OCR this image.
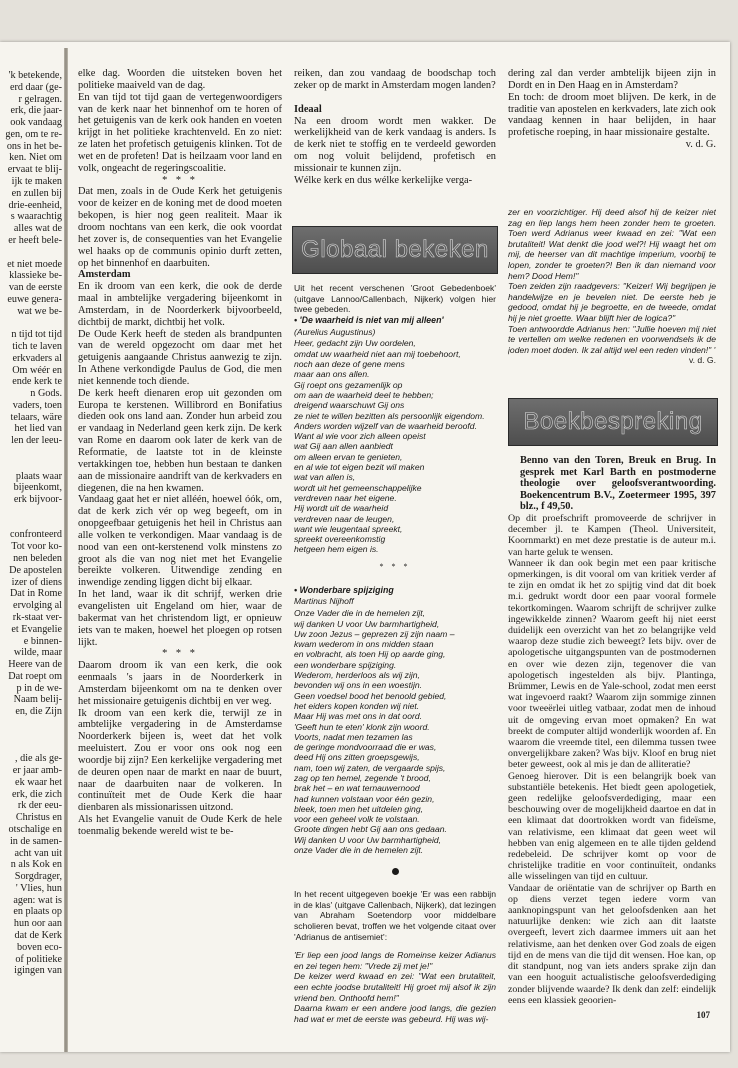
'k betekende,
erd daar (ge-
r gelragen.
erk, die jaar-
ook vandaag
gen, om te re-
ons in het be-
ken. Niet om
ervaat te blij-
ijk te maken
en zullen bij
drie-eenheid,
s waarachtig
alles wat de
er heeft bele-

et niet moede
klassieke be-
van de eerste
euwe genera-
wat we be-

n tijd tot tijd
tich te laven
erkvaders al
Om wéér en
ende kerk te
n Gods.
vaders, toen
telaars, wäre
het lied van
len der leeu-

plaats waar
bijeenkomt,
erk bijvoor-

confronteerd
Tot voor ko-
nen beleden
De apostelen
izer of diens
Dat in Rome
ervolging al
rk-staat ver-
et Evangelie
e binnen-
wilde, maar
Heere van de
Dat roept om
p in de we-
Naam belij-
en, die Zijn

, die als ge-
er jaar amb-
ek waar het
erk, die zich
rk der eeu-
Christus en
otschalige en
in de samen-
acht van uit
n als Kok en
Sorgdrager,
' Vlies, hun
agen: wat is
en plaats op
hun oor aan
dat de Kerk
boven eco-
of politieke
igingen van

elke dag. Woorden die uitsteken boven het politieke maaiveld van de dag.

En van tijd tot tijd gaan de vertegenwoordigers van de kerk naar het binnenhof om te horen of het getuigenis van de kerk ook handen en voeten krijgt in het politieke krachtenveld. En zo niet: ze laten het profetisch getuigenis klinken. Tot de wet en de profeten! Dat is heilzaam voor land en volk, ongeacht de regeringscoalitie.

* * *

Dat men, zoals in de Oude Kerk het getuigenis voor de keizer en de koning met de dood moeten bekopen, is hier nog geen realiteit. Maar ik droom nochtans van een kerk, die ook voordat het zover is, de consequenties van het Evangelie wel haaks op de communis opinio durft zetten, op het binnenhof en daarbuiten.

Amsterdam

En ik droom van een kerk, die ook de derde maal in ambtelijke vergadering bijeenkomt in Amsterdam, in de Noorderkerk bijvoorbeeld, dichtbij de markt, dichtbij het volk.

De Oude Kerk heeft de steden als brandpunten van de wereld opgezocht om daar met het getuigenis aangaande Christus aanwezig te zijn. In Athene verkondigde Paulus de God, die men niet kennende toch diende.

De kerk heeft dienaren erop uit gezonden om Europa te kerstenen. Willibrord en Bonifatius dieden ook ons land aan. Zonder hun arbeid zou er vandaag in Nederland geen kerk zijn. De kerk van Rome en daarom ook later de kerk van de Reformatie, de laatste tot in de kleinste vertakkingen toe, hebben hun bestaan te danken aan de missionaire aandrift van de kerkvaders en diegenen, die na hen kwamen.

Vandaag gaat het er niet alléén, hoewel óók, om, dat de kerk zich vér op weg begeeft, om in onopgeefbaar getuigenis het heil in Christus aan alle volken te verkondigen. Maar vandaag is de nood van een ont-kerstenend volk minstens zo groot als die van nog niet met het Evangelie bereikte volkeren. Uitwendige zending en inwendige zending liggen dicht bij elkaar.

In het land, waar ik dit schrijf, werken drie evangelisten uit Engeland om hier, waar de bakermat van het christendom ligt, er opnieuw iets van te maken, hoewel het ploegen op rotsen lijkt.

* * *

Daarom droom ik van een kerk, die ook eenmaals 's jaars in de Noorderkerk in Amsterdam bijeenkomt om na te denken over het missionaire getuigenis dichtbij en ver weg.

Ik droom van een kerk die, terwijl ze in ambtelijke vergadering in de Amsterdamse Noorderkerk bijeen is, weet dat het volk meeluistert. Zou er voor ons ook nog een woordje bij zijn? Een kerkelijke vergadering met de deuren open naar de markt en naar de buurt, naar de daarbuiten naar de volkeren. In continuïteit met de Oude Kerk die haar dienbaren als missionarissen uitzond.

Als het Evangelie vanuit de Oude Kerk de hele toenmalig bekende wereld wist te be-

reiken, dan zou vandaag de boodschap toch zeker op de markt in Amsterdam mogen landen?

Ideaal

Na een droom wordt men wakker. De werkelijkheid van de kerk vandaag is anders. Is de kerk niet te stoffig en te verdeeld geworden om nog voluit belijdend, profetisch en missionair te kunnen zijn.

Wélke kerk en dus wélke kerkelijke verga-

Globaal bekeken

Uit het recent verschenen 'Groot Gebedenboek' (uitgave Lannoo/Callenbach, Nijkerk) volgen hier twee gebeden.

• 'De waarheid is niet van mij alleen'

(Aurelius Augustinus)

Heer, gedacht zijn Uw oordelen,
omdat uw waarheid niet aan mij toebehoort,
noch aan deze of gene mens
maar aan ons allen.
Gij roept ons gezamenlijk op
om aan de waarheid deel te hebben;
dreigend waarschuwt Gij ons
ze niet te willen bezitten als persoonlijk eigendom.
Anders worden wijzelf van de waarheid beroofd.
Want al wie voor zich alleen opeist
wat Gij aan allen aanbiedt
om alleen ervan te genieten,
en al wie tot eigen bezit wil maken
wat van allen is,
wordt uit het gemeenschappelijke
verdreven naar het eigene.
Hij wordt uit de waarheid
verdreven naar de leugen,
want wie leugentaal spreekt,
spreekt overeenkomstig
hetgeen hem eigen is.

* * *

• Wonderbare spijziging

Martinus Nijhoff

Onze Vader die in de hemelen zijt,
wij danken U voor Uw barmhartigheid,
Uw zoon Jezus – geprezen zij zijn naam –
kwam wederom in ons midden staan
en volbracht, als toen Hij op aarde ging,
een wonderbare spijziging.
Wederom, herderloos als wij zijn,
bevonden wij ons in een woestijn.
Geen voedsel bood het benoold gebied,
het eiders kopen konden wij niet.
Maar Hij was met ons in dat oord.
'Geeft hun te eten' klonk zijn woord.
Voorts, nadat men tezamen las
de geringe mondvoorraad die er was,
deed Hij ons zitten groepsgewijs,
nam, toen wij zaten, de vergaarde spijs,
zag op ten hemel, zegende 't brood,
brak het – en wat ternauwernood
had kunnen volstaan voor één gezin,
bleek, toen men het uitdelen ging,
voor een geheel volk te volstaan.
Groote dingen hebt Gij aan ons gedaan.
Wij danken U voor Uw barmhartigheid,
onze Vader die in de hemelen zijt.

In het recent uitgegeven boekje 'Er was een rabbijn in de klas' (uitgave Callenbach, Nijkerk), dat lezingen van Abraham Soetendorp voor middelbare scholieren bevat, troffen we het volgende citaat over 'Adrianus de antisemiet':

'Er liep een jood langs de Romeinse keizer Adianus en zei tegen hem: "Vrede zij met je!"

De keizer werd kwaad en zei: "Wat een brutaliteit, een echte joodse brutaliteit! Hij groet mij alsof ik zijn vriend ben. Onthoofd hem!"

Daarna kwam er een andere jood langs, die gezien had wat er met de eerste was gebeurd. Hij was wij-

dering zal dan verder ambtelijk bijeen zijn in Dordt en in Den Haag en in Amsterdam?

En toch: de droom moet blijven. De kerk, in de traditie van apostelen en kerkvaders, late zich ook vandaag kennen in haar belijden, in haar profetische roeping, in haar missionaire gestalte.

v. d. G.

zer en voorzichtiger. Hij deed alsof hij de keizer niet zag en liep langs hem heen zonder hem te groeten. Toen werd Adrianus weer kwaad en zei: "Wat een brutaliteit! Wat denkt die jood wel?! Hij waagt het om mij, de heerser van dit machtige imperium, voorbij te lopen, zonder te groeten?! Ben ik dan niemand voor hem? Dood Hem!"

Toen zeiden zijn raadgevers: "Keizer! Wij begrijpen je handelwijze en je bevelen niet. De eerste heb je gedood, omdat hij je begroette, en de tweede, omdat hij je niet groette. Waar blijft hier de logica?"

Toen antwoordde Adrianus hen: "Jullie hoeven mij niet te vertellen om welke redenen en voorwendsels ik de joden moet doden. Ik zal altijd wel een reden vinden!" '

v. d. G.

Boekbespreking

Benno van den Toren, Breuk en Brug. In gesprek met Karl Barth en postmoderne theologie over geloofsverantwoording. Boekencentrum B.V., Zoetermeer 1995, 397 blz., f 49,50.

Op dit proefschrift promoveerde de schrijver in december jl. te Kampen (Theol. Universiteit, Koornmarkt) en met deze prestatie is de auteur m.i. van harte geluk te wensen.

Wanneer ik dan ook begin met een paar kritische opmerkingen, is dit vooral om van kritiek verder af te zijn en omdat ik het zo spijtig vind dat dit boek m.i. gedrukt wordt door een paar vooral formele tekortkomingen. Waarom schrijft de schrijver zulke ingewikkelde zinnen? Waarom geeft hij niet eerst duidelijk een overzicht van het zo belangrijke veld waarop deze studie zich beweegt? Iets bijv. over de apologetische uitgangspunten van de postmodernen en over wie dezen zijn, tegenover die van apologetisch ingestelden als bijv. Plantinga, Brümmer, Lewis en de Yale-school, zodat men eerst wat ingevoerd raakt? Waarom zijn sommige zinnen voor tweeërlei uitleg vatbaar, zodat men de inhoud uit de omgeving ervan moet opmaken? En wat breekt de computer altijd wonderlijk woorden af. En waarom die vreemde titel, een dilemma tussen twee onvergelijkbare zaken? Was bijv. Kloof en brug niet beter geweest, ook al mis je dan de alliteratie?

Genoeg hierover. Dit is een belangrijk boek van substantiële betekenis. Het biedt geen apologetiek, geen redelijke geloofsverdediging, maar een beschouwing over de mogelijkheid daartoe en dat in een klimaat dat doortrokken wordt van fideïsme, van relativisme, een klimaat dat geen weet wil hebben van enig algemeen en te alle tijden geldend redebeleid. De schrijver komt op voor de christelijke traditie en voor continuïteit, ondanks alle wisselingen van tijd en cultuur.

Vandaar de oriëntatie van de schrijver op Barth en op diens verzet tegen iedere vorm van aanknopingspunt van het geloofsdenken aan het natuurlijke denken: wie zich aan dit laatste overgeeft, levert zich daarmee immers uit aan het relativisme, aan het denken over God zoals de eigen tijd en de mens van die tijd dit wensen. Hoe kan, op dit standpunt, nog van iets anders sprake zijn dan van een hooguit actualistische geloofsverdediging zonder blijvende waarde? Ik denk dan zelf: eindelijk eens een klassiek geoorien-

107
